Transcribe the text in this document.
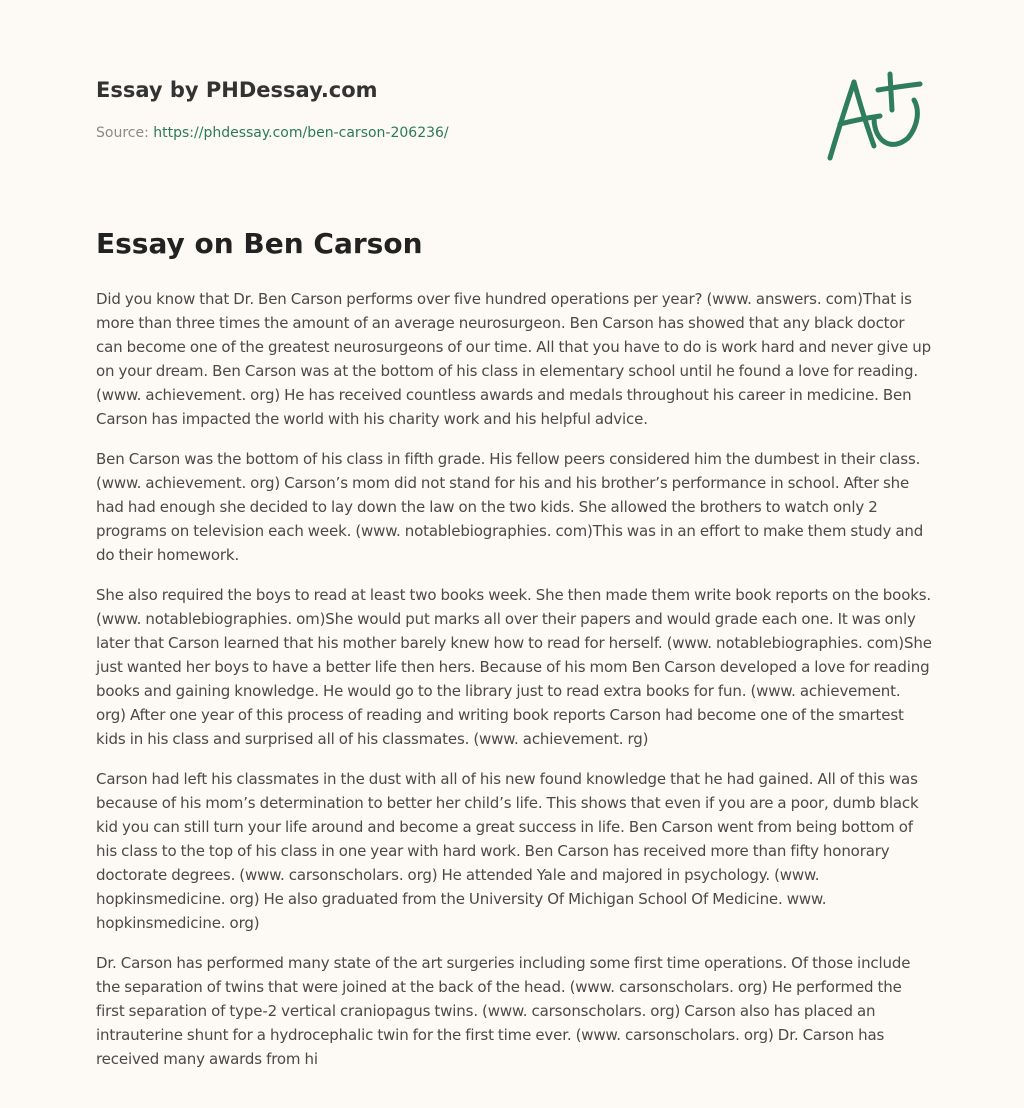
Essay by PHDessay.com
Source: https://phdessay.com/ben-carson-206236/
Essay on Ben Carson

Did you know that Dr. Ben Carson performs over five hundred operations per year? (www. answers. com)That is more than three times the amount of an average neurosurgeon. Ben Carson has showed that any black doctor can become one of the greatest neurosurgeons of our time. All that you have to do is work hard and never give up on your dream. Ben Carson was at the bottom of his class in elementary school until he found a love for reading. (www. achievement. org) He has received countless awards and medals throughout his career in medicine. Ben Carson has impacted the world with his charity work and his helpful advice.

Ben Carson was the bottom of his class in fifth grade. His fellow peers considered him the dumbest in their class. (www. achievement. org) Carson’s mom did not stand for his and his brother’s performance in school. After she had had enough she decided to lay down the law on the two kids. She allowed the brothers to watch only 2 programs on television each week. (www. notablebiographies. com)This was in an effort to make them study and do their homework.

She also required the boys to read at least two books week. She then made them write book reports on the books. (www. notablebiographies. om)She would put marks all over their papers and would grade each one. It was only later that Carson learned that his mother barely knew how to read for herself. (www. notablebiographies. com)She just wanted her boys to have a better life then hers. Because of his mom Ben Carson developed a love for reading books and gaining knowledge. He would go to the library just to read extra books for fun. (www. achievement. org) After one year of this process of reading and writing book reports Carson had become one of the smartest kids in his class and surprised all of his classmates. (www. achievement. rg)

Carson had left his classmates in the dust with all of his new found knowledge that he had gained. All of this was because of his mom’s determination to better her child’s life. This shows that even if you are a poor, dumb black kid you can still turn your life around and become a great success in life. Ben Carson went from being bottom of his class to the top of his class in one year with hard work. Ben Carson has received more than fifty honorary doctorate degrees. (www. carsonscholars. org) He attended Yale and majored in psychology. (www. hopkinsmedicine. org) He also graduated from the University Of Michigan School Of Medicine. www. hopkinsmedicine. org)

Dr. Carson has performed many state of the art surgeries including some first time operations. Of those include the separation of twins that were joined at the back of the head. (www. carsonscholars. org) He performed the first separation of type-2 vertical craniopagus twins. (www. carsonscholars. org) Carson also has placed an intrauterine shunt for a hydrocephalic twin for the first time ever. (www. carsonscholars. org) Dr. Carson has received many awards from hi
